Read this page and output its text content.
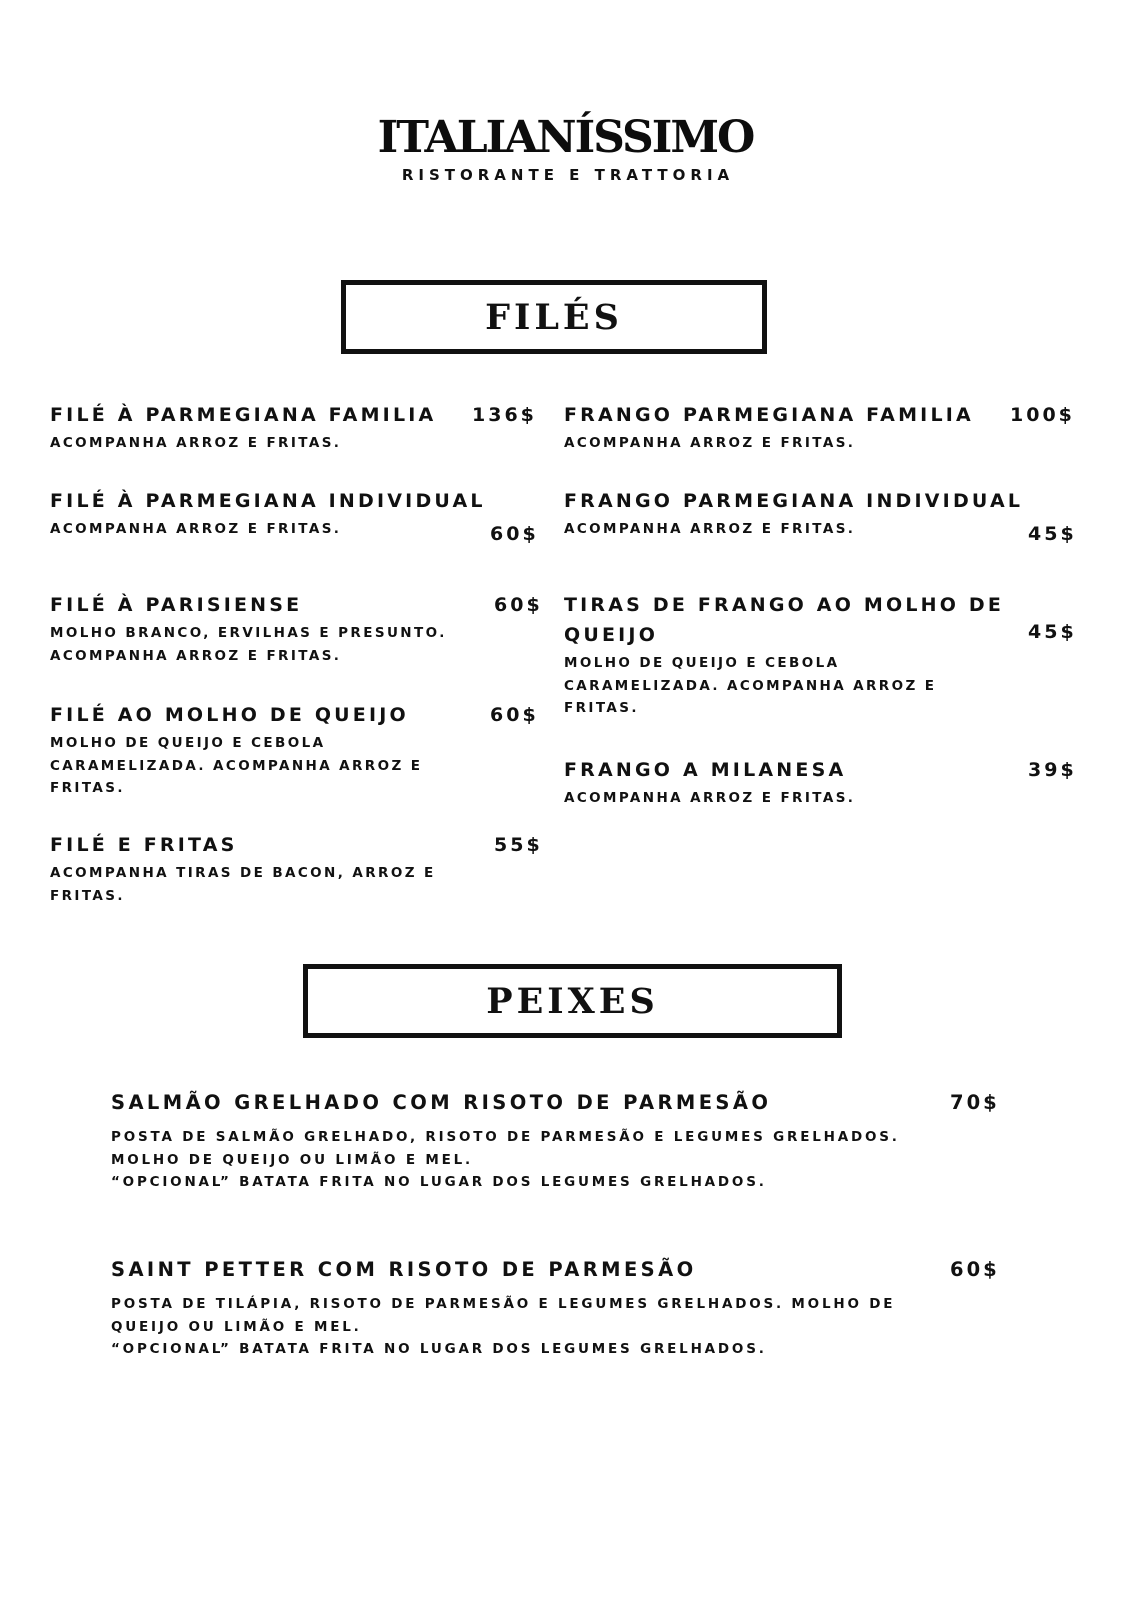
ITALIANÍSSIMO
RISTORANTE E TRATTORIA
FILÉS
FILÉ À PARMEGIANA FAMILIA
ACOMPANHA ARROZ E FRITAS.
136$
FILÉ À PARMEGIANA INDIVIDUAL
ACOMPANHA ARROZ E FRITAS.	60$
FILÉ À PARISIENSE
MOLHO BRANCO, ERVILHAS E PRESUNTO.
ACOMPANHA ARROZ E FRITAS.
60$
FILÉ AO MOLHO DE QUEIJO
MOLHO DE QUEIJO E CEBOLA
CARAMELIZADA. ACOMPANHA ARROZ E
FRITAS.
60$
FILÉ E FRITAS
ACOMPANHA TIRAS DE BACON, ARROZ E
FRITAS.
55$
FRANGO PARMEGIANA FAMILIA
ACOMPANHA ARROZ E FRITAS.
100$
FRANGO PARMEGIANA INDIVIDUAL
ACOMPANHA ARROZ E FRITAS.	45$
TIRAS DE FRANGO AO MOLHO DE
QUEIJO
MOLHO DE QUEIJO E CEBOLA
CARAMELIZADA. ACOMPANHA ARROZ E
FRITAS.
45$
FRANGO A MILANESA
ACOMPANHA ARROZ E FRITAS.
39$
PEIXES
SALMÃO GRELHADO COM RISOTO DE PARMESÃO
POSTA DE SALMÃO GRELHADO, RISOTO DE PARMESÃO E LEGUMES GRELHADOS.
MOLHO DE QUEIJO OU LIMÃO E MEL.
“OPCIONAL” BATATA FRITA NO LUGAR DOS LEGUMES GRELHADOS.
70$
SAINT PETTER COM RISOTO DE PARMESÃO
POSTA DE TILÁPIA, RISOTO DE PARMESÃO E LEGUMES GRELHADOS. MOLHO DE
QUEIJO OU LIMÃO E MEL.
“OPCIONAL” BATATA FRITA NO LUGAR DOS LEGUMES GRELHADOS.
60$
